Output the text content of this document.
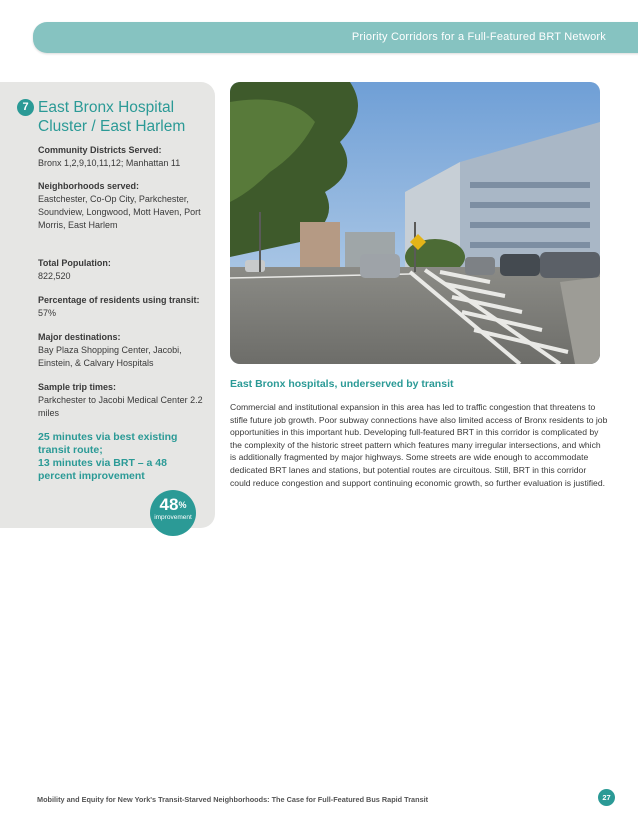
Priority Corridors for a Full-Featured BRT Network
7 East Bronx Hospital
Cluster / East Harlem
Community Districts Served:
Bronx 1,2,9,10,11,12; Manhattan 11
Neighborhoods served:
Eastchester, Co-Op City, Parkchester, Soundview, Longwood, Mott Haven, Port Morris, East Harlem
Total Population:
822,520
Percentage of residents using transit: 57%
Major destinations:
Bay Plaza Shopping Center, Jacobi, Einstein, & Calvary Hospitals
Sample trip times:
Parkchester to Jacobi Medical Center 2.2 miles
25 minutes via best existing transit route;
13 minutes via BRT – a 48 percent improvement
48%
improvement
East Bronx hospitals, underserved by transit

Commercial and institutional expansion in this area has led to traffic congestion that threatens to stifle future job growth. Poor subway connections have also limited access of Bronx residents to job opportunities in this important hub. Developing full-featured BRT in this corridor is complicated by the complexity of the historic street pattern which features many irregular intersections, and which is additionally fragmented by major highways. Some streets are wide enough to accommodate dedicated BRT lanes and stations, but potential routes are circuitous. Still, BRT in this corridor could reduce congestion and support continuing economic growth, so further evaluation is justified.

Mobility and Equity for New York's Transit-Starved Neighborhoods: The Case for Full-Featured Bus Rapid Transit	27
